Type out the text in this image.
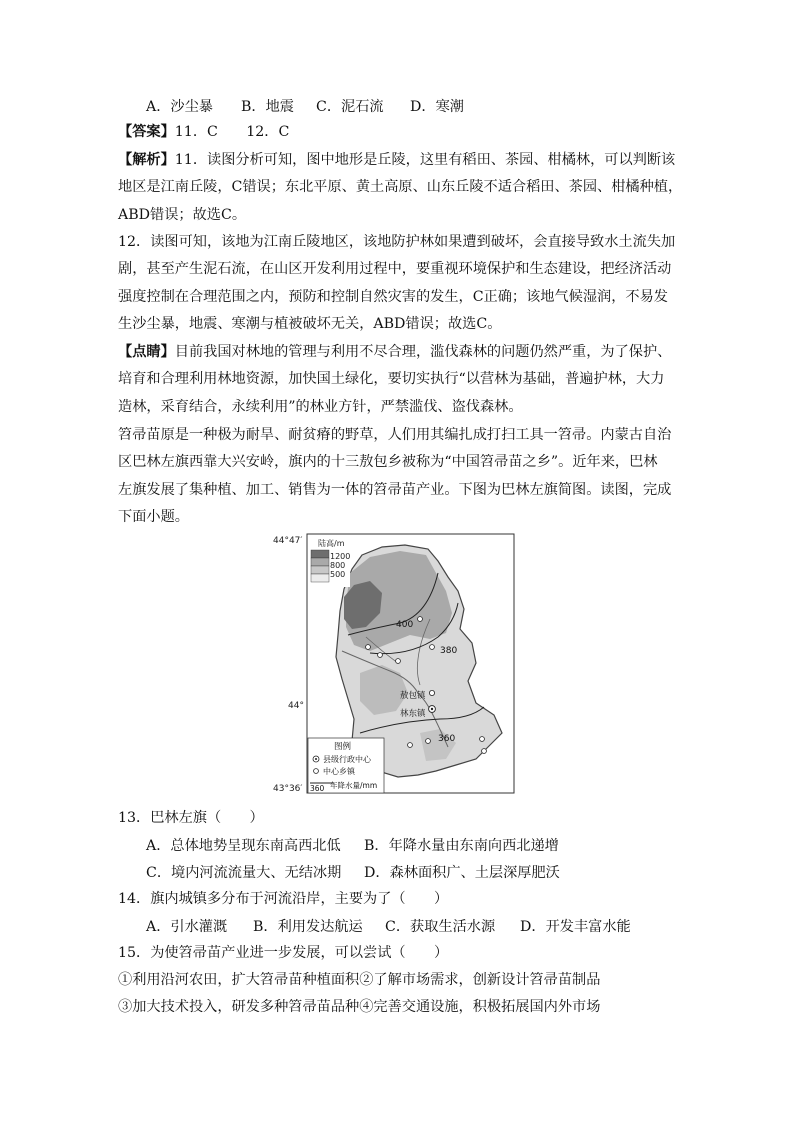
A．沙尘暴 B．地震 C．泥石流 D．寒潮
【答案】11．C　　12．C
【解析】11．读图分析可知，图中地形是丘陵，这里有稻田、茶园、柑橘林，可以判断该
地区是江南丘陵，C错误；东北平原、黄土高原、山东丘陵不适合稻田、茶园、柑橘种植，
ABD错误；故选C。
12．读图可知，该地为江南丘陵地区，该地防护林如果遭到破坏，会直接导致水土流失加
剧，甚至产生泥石流，在山区开发利用过程中，要重视环境保护和生态建设，把经济活动
强度控制在合理范围之内，预防和控制自然灾害的发生，C正确；该地气候湿润，不易发
生沙尘暴，地震、寒潮与植被破坏无关，ABD错误；故选C。
【点睛】目前我国对林地的管理与利用不尽合理，滥伐森林的问题仍然严重，为了保护、
培育和合理利用林地资源，加快国土绿化，要切实执行“以营林为基础，普遍护林，大力
造林，采育结合，永续利用”的林业方针，严禁滥伐、盗伐森林。
笤帚苗原是一种极为耐旱、耐贫瘠的野草，人们用其编扎成打扫工具一笤帚。内蒙古自治
区巴林左旗西靠大兴安岭，旗内的十三敖包乡被称为“中国笤帚苗之乡”。近年来，巴林
左旗发展了集种植、加工、销售为一体的笤帚苗产业。下图为巴林左旗简图。读图，完成
下面小题。
44°47′
44°
43°36′
陆高/m
1200
800
500
400
380
360
敖包镇
林东镇
图例
县级行政中心
中心乡镇
360 年降水量/mm
13．巴林左旗（　　）
A．总体地势呈现东南高西北低 B．年降水量由东南向西北递增
C．境内河流流量大、无结冰期 D．森林面积广、土层深厚肥沃
14．旗内城镇多分布于河流沿岸，主要为了（　　）
A．引水灌溉 B．利用发达航运 C．获取生活水源 D．开发丰富水能
15．为使笤帚苗产业进一步发展，可以尝试（　　）
①利用沿河农田，扩大笤帚苗种植面积②了解市场需求，创新设计笤帚苗制品
③加大技术投入，研发多种笤帚苗品种④完善交通设施，积极拓展国内外市场
